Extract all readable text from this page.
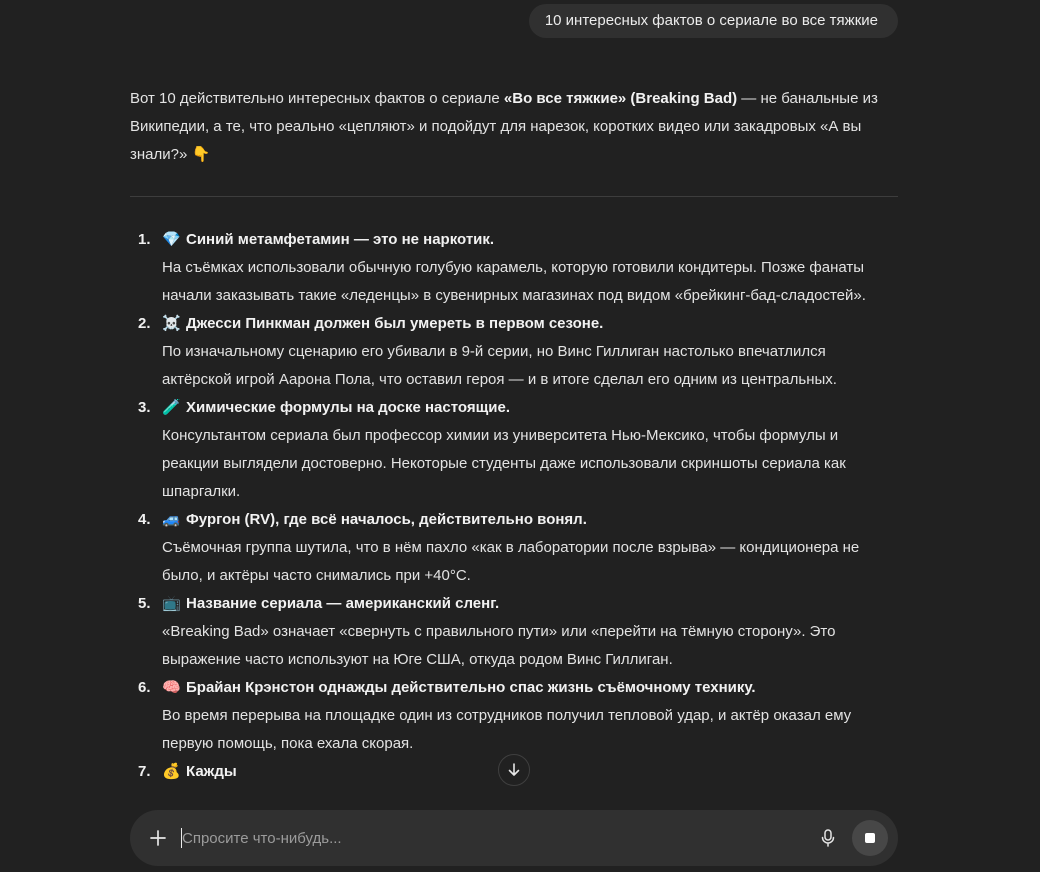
10 интересных фактов о сериале во все тяжкие
Вот 10 действительно интересных фактов о сериале «Во все тяжкие» (Breaking Bad) — не банальные из Википедии, а те, что реально «цепляют» и подойдут для нарезок, коротких видео или закадровых «А вы знали?» 👇
1. 💎 Синий метамфетамин — это не наркотик.
На съёмках использовали обычную голубую карамель, которую готовили кондитеры. Позже фанаты начали заказывать такие «леденцы» в сувенирных магазинах под видом «брейкинг-бад-сладостей».
2. ☠️ Джесси Пинкман должен был умереть в первом сезоне.
По изначальному сценарию его убивали в 9-й серии, но Винс Гиллиган настолько впечатлился актёрской игрой Аарона Пола, что оставил героя — и в итоге сделал его одним из центральных.
3. 🧪 Химические формулы на доске настоящие.
Консультантом сериала был профессор химии из университета Нью-Мексико, чтобы формулы и реакции выглядели достоверно. Некоторые студенты даже использовали скриншоты сериала как шпаргалки.
4. 🚙 Фургон (RV), где всё началось, действительно вонял.
Съёмочная группа шутила, что в нём пахло «как в лаборатории после взрыва» — кондиционера не было, и актёры часто снимались при +40°C.
5. 📺 Название сериала — американский сленг.
«Breaking Bad» означает «свернуть с правильного пути» или «перейти на тёмную сторону». Это выражение часто используют на Юге США, откуда родом Винс Гиллиган.
6. 🧠 Брайан Крэнстон однажды действительно спас жизнь съёмочному технику.
Во время перерыва на площадке один из сотрудников получил тепловой удар, и актёр оказал ему первую помощь, пока ехала скорая.
7. 💰 Кажды
Спросите что-нибудь...
